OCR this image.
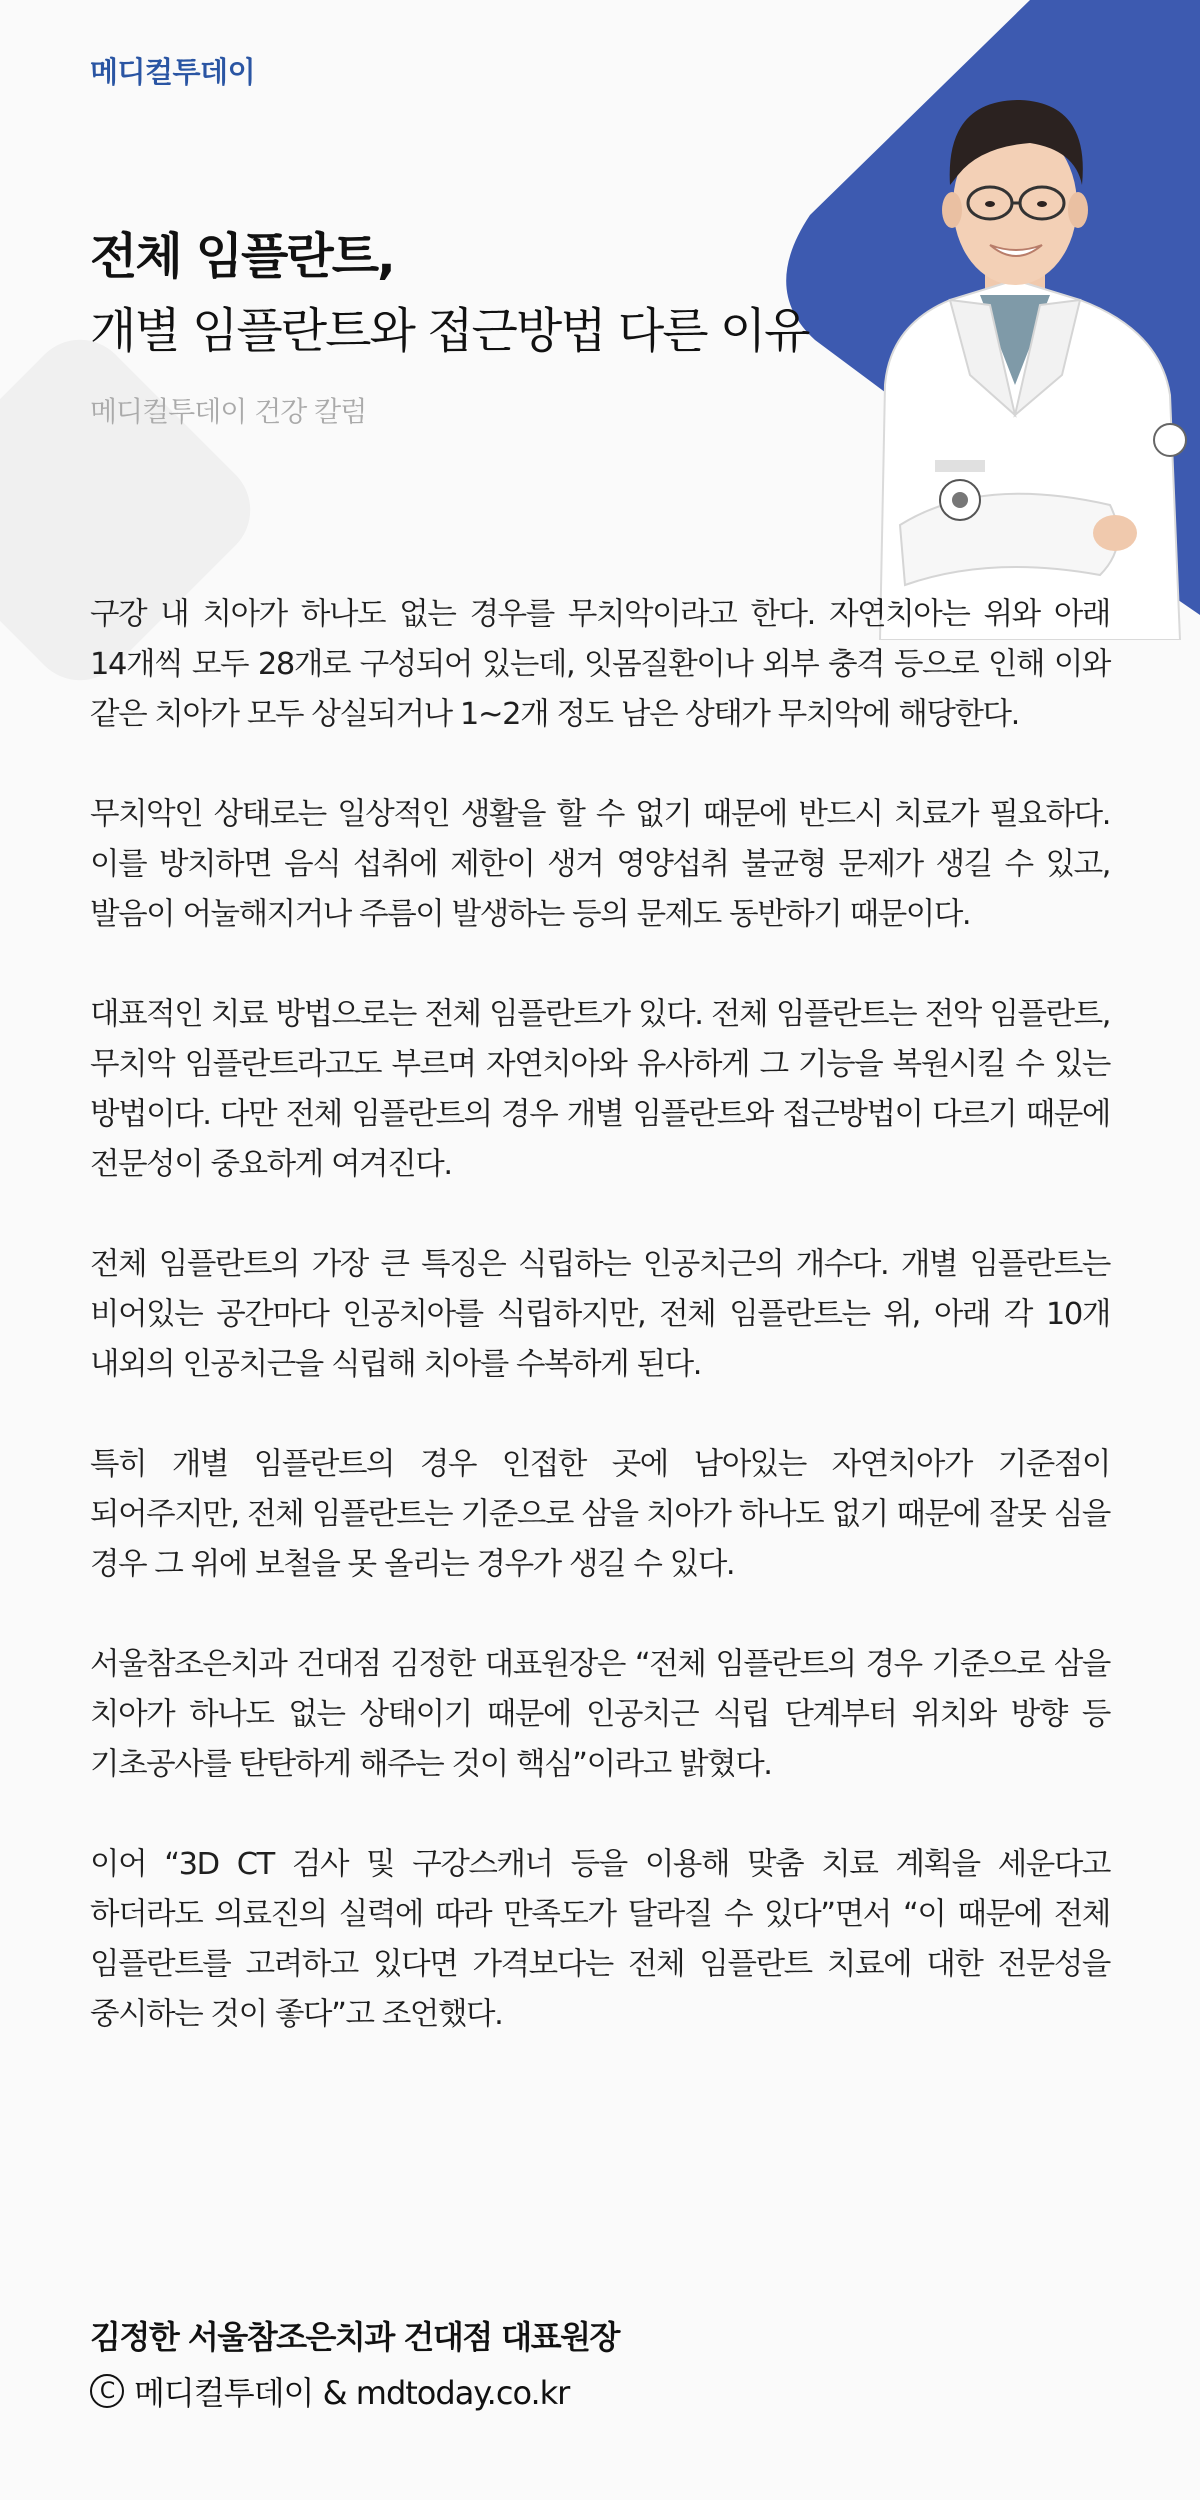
메디컬투데이
전체 임플란트,
개별 임플란트와 접근방법 다른 이유
메디컬투데이 건강 칼럼

구강 내 치아가 하나도 없는 경우를 무치악이라고 한다. 자연치아는 위와 아래 14개씩 모두 28개로 구성되어 있는데, 잇몸질환이나 외부 충격 등으로 인해 이와 같은 치아가 모두 상실되거나 1~2개 정도 남은 상태가 무치악에 해당한다.

무치악인 상태로는 일상적인 생활을 할 수 없기 때문에 반드시 치료가 필요하다. 이를 방치하면 음식 섭취에 제한이 생겨 영양섭취 불균형 문제가 생길 수 있고, 발음이 어눌해지거나 주름이 발생하는 등의 문제도 동반하기 때문이다.

대표적인 치료 방법으로는 전체 임플란트가 있다. 전체 임플란트는 전악 임플란트, 무치악 임플란트라고도 부르며 자연치아와 유사하게 그 기능을 복원시킬 수 있는 방법이다. 다만 전체 임플란트의 경우 개별 임플란트와 접근방법이 다르기 때문에 전문성이 중요하게 여겨진다.

전체 임플란트의 가장 큰 특징은 식립하는 인공치근의 개수다. 개별 임플란트는 비어있는 공간마다 인공치아를 식립하지만, 전체 임플란트는 위, 아래 각 10개 내외의 인공치근을 식립해 치아를 수복하게 된다.

특히 개별 임플란트의 경우 인접한 곳에 남아있는 자연치아가 기준점이 되어주지만, 전체 임플란트는 기준으로 삼을 치아가 하나도 없기 때문에 잘못 심을 경우 그 위에 보철을 못 올리는 경우가 생길 수 있다.

서울참조은치과 건대점 김정한 대표원장은 “전체 임플란트의 경우 기준으로 삼을 치아가 하나도 없는 상태이기 때문에 인공치근 식립 단계부터 위치와 방향 등 기초공사를 탄탄하게 해주는 것이 핵심”이라고 밝혔다.

이어 “3D CT 검사 및 구강스캐너 등을 이용해 맞춤 치료 계획을 세운다고 하더라도 의료진의 실력에 따라 만족도가 달라질 수 있다”면서 “이 때문에 전체 임플란트를 고려하고 있다면 가격보다는 전체 임플란트 치료에 대한 전문성을 중시하는 것이 좋다”고 조언했다.

김정한 서울참조은치과 건대점 대표원장
C 메디컬투데이 & mdtoday.co.kr
